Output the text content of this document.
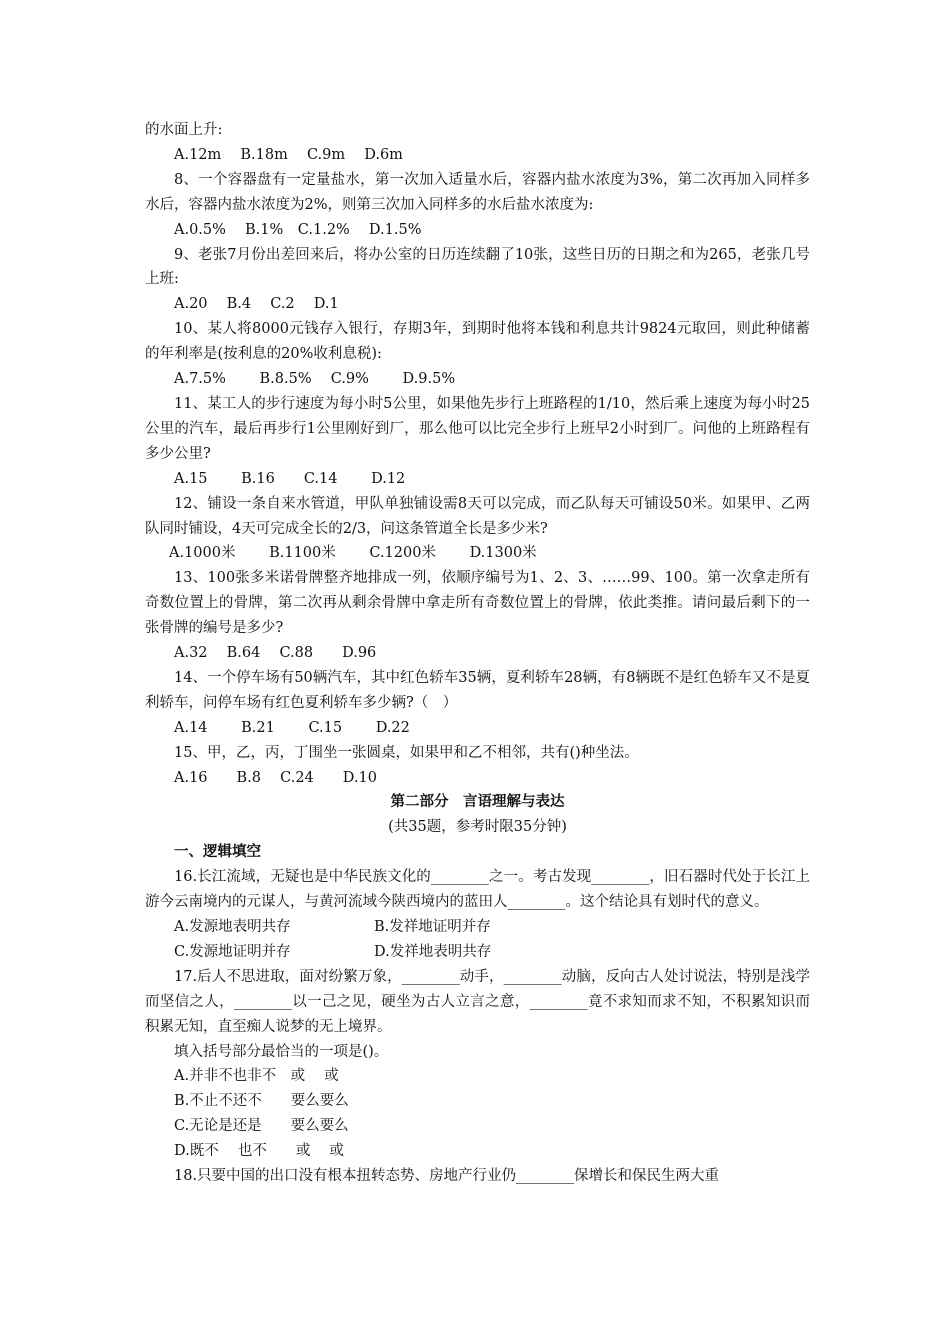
的水面上升:

A.12m　 B.18m　 C.9m　 D.6m

8、一个容器盘有一定量盐水，第一次加入适量水后，容器内盐水浓度为3%，第二次再加入同样多水后，容器内盐水浓度为2%，则第三次加入同样多的水后盐水浓度为:

A.0.5%　 B.1%　C.1.2%　 D.1.5%

9、老张7月份出差回来后，将办公室的日历连续翻了10张，这些日历的日期之和为265，老张几号上班:

A.20　 B.4　 C.2　 D.1

10、某人将8000元钱存入银行，存期3年，到期时他将本钱和利息共计9824元取回，则此种储蓄的年利率是(按利息的20%收利息税):

A.7.5%　　 B.8.5%　 C.9%　　 D.9.5%

11、某工人的步行速度为每小时5公里，如果他先步行上班路程的1/10，然后乘上速度为每小时25公里的汽车，最后再步行1公里刚好到厂，那么他可以比完全步行上班早2小时到厂。问他的上班路程有多少公里?

A.15　　 B.16　　C.14　　 D.12

12、铺设一条自来水管道，甲队单独铺设需8天可以完成，而乙队每天可铺设50米。如果甲、乙两队同时铺设，4天可完成全长的2/3，问这条管道全长是多少米?

A.1000米　　 B.1100米　　 C.1200米　　 D.1300米

13、100张多米诺骨牌整齐地排成一列，依顺序编号为1、2、3、……99、100。第一次拿走所有奇数位置上的骨牌，第二次再从剩余骨牌中拿走所有奇数位置上的骨牌，依此类推。请问最后剩下的一张骨牌的编号是多少?

A.32　 B.64　 C.88　　D.96

14、一个停车场有50辆汽车，其中红色轿车35辆，夏利轿车28辆，有8辆既不是红色轿车又不是夏利轿车，问停车场有红色夏利轿车多少辆?（　）

A.14　　 B.21　　 C.15　　 D.22

15、甲，乙，丙，丁围坐一张圆桌，如果甲和乙不相邻，共有()种坐法。

A.16　　B.8　 C.24　　D.10

第二部分　言语理解与表达

(共35题，参考时限35分钟)

一、逻辑填空

16.长江流域，无疑也是中华民族文化的________之一。考古发现________，旧石器时代处于长江上游今云南境内的元谋人，与黄河流域今陕西境内的蓝田人________。这个结论具有划时代的意义。

A.发源地表明共存	B.发祥地证明并存

C.发源地证明并存	D.发祥地表明共存

17.后人不思进取，面对纷繁万象，________动手，________动脑，反向古人处讨说法，特别是浅学而坚信之人，________以一己之见，硬坐为古人立言之意，________竟不求知而求不知，不积累知识而积累无知，直至痴人说梦的无上境界。

填入括号部分最恰当的一项是()。

A.并非不也非不　或　 或

B.不止不还不　　要么要么

C.无论是还是　　要么要么

D.既不　 也不　　或　 或

18.只要中国的出口没有根本扭转态势、房地产行业仍________保增长和保民生两大重
